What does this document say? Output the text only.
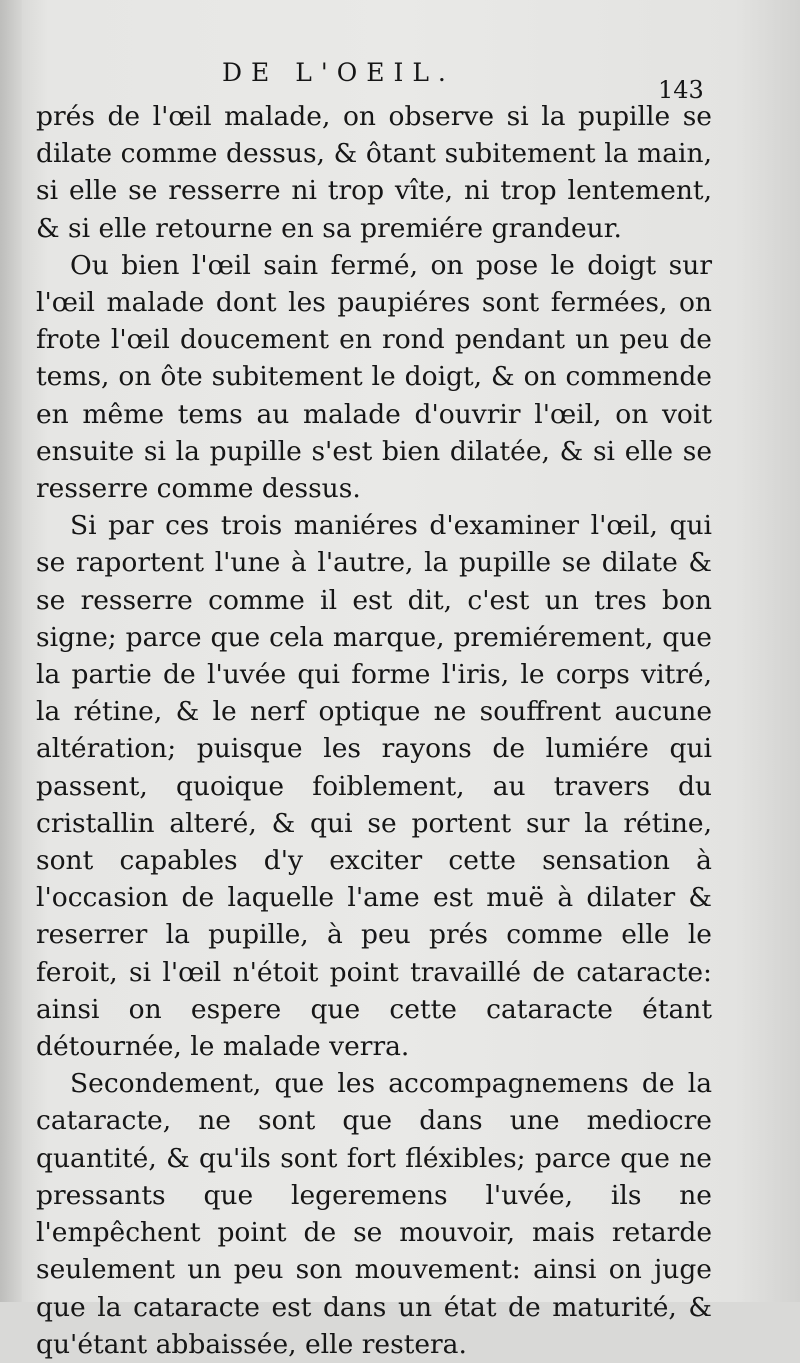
DE L'OEIL.
143

prés de l'œil malade, on observe si la pupille se dilate comme dessus, & ôtant subitement la main, si elle se resserre ni trop vîte, ni trop lentement, & si elle retourne en sa premiére grandeur.

Ou bien l'œil sain fermé, on pose le doigt sur l'œil malade dont les paupiéres sont fermées, on frote l'œil doucement en rond pendant un peu de tems, on ôte subitement le doigt, & on commende en même tems au malade d'ouvrir l'œil, on voit ensuite si la pupille s'est bien dilatée, & si elle se resserre comme dessus.

Si par ces trois maniéres d'examiner l'œil, qui se raportent l'une à l'autre, la pupille se dilate & se resserre comme il est dit, c'est un tres bon signe; parce que cela marque, premiérement, que la partie de l'uvée qui forme l'iris, le corps vitré, la rétine, & le nerf optique ne souffrent aucune altération; puisque les rayons de lumiére qui passent, quoique foiblement, au travers du cristallin alteré, & qui se portent sur la rétine, sont capables d'y exciter cette sensation à l'occasion de laquelle l'ame est muë à dilater & reserrer la pupille, à peu prés comme elle le feroit, si l'œil n'étoit point travaillé de cataracte: ainsi on espere que cette cataracte étant détournée, le malade verra.

Secondement, que les accompagnemens de la cataracte, ne sont que dans une mediocre quantité, & qu'ils sont fort fléxibles; parce que ne pressants que legeremens l'uvée, ils ne l'empêchent point de se mouvoir, mais retarde seulement un peu son mouvement: ainsi on juge que la cataracte est dans un état de maturité, & qu'étant abbaissée, elle restera.
